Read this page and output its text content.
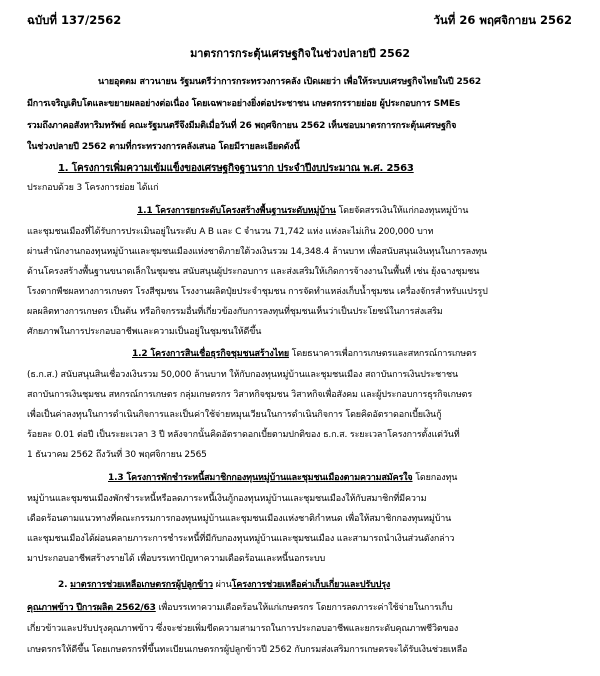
ฉบับที่ 137/2562	วันที่ 26 พฤศจิกายน 2562
มาตรการกระตุ้นเศรษฐกิจในช่วงปลายปี 2562
นายอุตตม สาวนายน รัฐมนตรีว่าการกระทรวงการคลัง เปิดเผยว่า เพื่อให้ระบบเศรษฐกิจไทยในปี 2562
มีการเจริญเติบโตและขยายผลอย่างต่อเนื่อง โดยเฉพาะอย่างยิ่งต่อประชาชน เกษตรกรรายย่อย ผู้ประกอบการ SMEs
รวมถึงภาคอสังหาริมทรัพย์ คณะรัฐมนตรีจึงมีมติเมื่อวันที่ 26 พฤศจิกายน 2562 เห็นชอบมาตรการกระตุ้นเศรษฐกิจ
ในช่วงปลายปี 2562 ตามที่กระทรวงการคลังเสนอ โดยมีรายละเอียดดังนี้
1. โครงการเพิ่มความเข้มแข็งของเศรษฐกิจฐานราก ประจำปีงบประมาณ พ.ศ. 2563
ประกอบด้วย 3 โครงการย่อย ได้แก่
1.1 โครงการยกระดับโครงสร้างพื้นฐานระดับหมู่บ้าน โดยจัดสรรเงินให้แก่กองทุนหมู่บ้าน
และชุมชนเมืองที่ได้รับการประเมินอยู่ในระดับ A B และ C จำนวน 71,742 แห่ง แห่งละไม่เกิน 200,000 บาท
ผ่านสำนักงานกองทุนหมู่บ้านและชุมชนเมืองแห่งชาติภายใต้วงเงินรวม 14,348.4 ล้านบาท เพื่อสนับสนุนเงินทุนในการลงทุน
ด้านโครงสร้างพื้นฐานขนาดเล็กในชุมชน สนับสนุนผู้ประกอบการ และส่งเสริมให้เกิดการจ้างงานในพื้นที่ เช่น ยุ้งฉางชุมชน
โรงตากพืชผลทางการเกษตร โรงสีชุมชน โรงงานผลิตปุ๋ยประจำชุมชน การจัดทำแหล่งเก็บน้ำชุมชน เครื่องจักรสำหรับแปรรูป
ผลผลิตทางการเกษตร เป็นต้น หรือกิจกรรมอื่นที่เกี่ยวข้องกับการลงทุนที่ชุมชนเห็นว่าเป็นประโยชน์ในการส่งเสริม
ศักยภาพในการประกอบอาชีพและความเป็นอยู่ในชุมชนให้ดีขึ้น
1.2 โครงการสินเชื่อธุรกิจชุมชนสร้างไทย โดยธนาคารเพื่อการเกษตรและสหกรณ์การเกษตร
(ธ.ก.ส.) สนับสนุนสินเชื่อวงเงินรวม 50,000 ล้านบาท ให้กับกองทุนหมู่บ้านและชุมชนเมือง สถาบันการเงินประชาชน
สถาบันการเงินชุมชน สหกรณ์การเกษตร กลุ่มเกษตรกร วิสาหกิจชุมชน วิสาหกิจเพื่อสังคม และผู้ประกอบการธุรกิจเกษตร
เพื่อเป็นค่าลงทุนในการดำเนินกิจการและเป็นค่าใช้จ่ายหมุนเวียนในการดำเนินกิจการ โดยคิดอัตราดอกเบี้ยเงินกู้
ร้อยละ 0.01 ต่อปี เป็นระยะเวลา 3 ปี หลังจากนั้นคิดอัตราดอกเบี้ยตามปกติของ ธ.ก.ส. ระยะเวลาโครงการตั้งแต่วันที่
1 ธันวาคม 2562 ถึงวันที่ 30 พฤศจิกายน 2565
1.3 โครงการพักชำระหนี้สมาชิกกองทุนหมู่บ้านและชุมชนเมืองตามความสมัครใจ โดยกองทุน
หมู่บ้านและชุมชนเมืองพักชำระหนี้หรือลดภาระหนี้เงินกู้กองทุนหมู่บ้านและชุมชนเมืองให้กับสมาชิกที่มีความ
เดือดร้อนตามแนวทางที่คณะกรรมการกองทุนหมู่บ้านและชุมชนเมืองแห่งชาติกำหนด เพื่อให้สมาชิกกองทุนหมู่บ้าน
และชุมชนเมืองได้ผ่อนคลายภาระการชำระหนี้ที่มีกับกองทุนหมู่บ้านและชุมชนเมือง และสามารถนำเงินส่วนดังกล่าว
มาประกอบอาชีพสร้างรายได้ เพื่อบรรเทาปัญหาความเดือดร้อนและหนี้นอกระบบ
2. มาตรการช่วยเหลือเกษตรกรผู้ปลูกข้าว ผ่านโครงการช่วยเหลือค่าเก็บเกี่ยวและปรับปรุง
คุณภาพข้าว ปีการผลิต 2562/63 เพื่อบรรเทาความเดือดร้อนให้แก่เกษตรกร โดยการลดภาระค่าใช้จ่ายในการเก็บ
เกี่ยวข้าวและปรับปรุงคุณภาพข้าว ซึ่งจะช่วยเพิ่มขีดความสามารถในการประกอบอาชีพและยกระดับคุณภาพชีวิตของ
เกษตรกรให้ดีขึ้น โดยเกษตรกรที่ขึ้นทะเบียนเกษตรกรผู้ปลูกข้าวปี 2562 กับกรมส่งเสริมการเกษตรจะได้รับเงินช่วยเหลือ
